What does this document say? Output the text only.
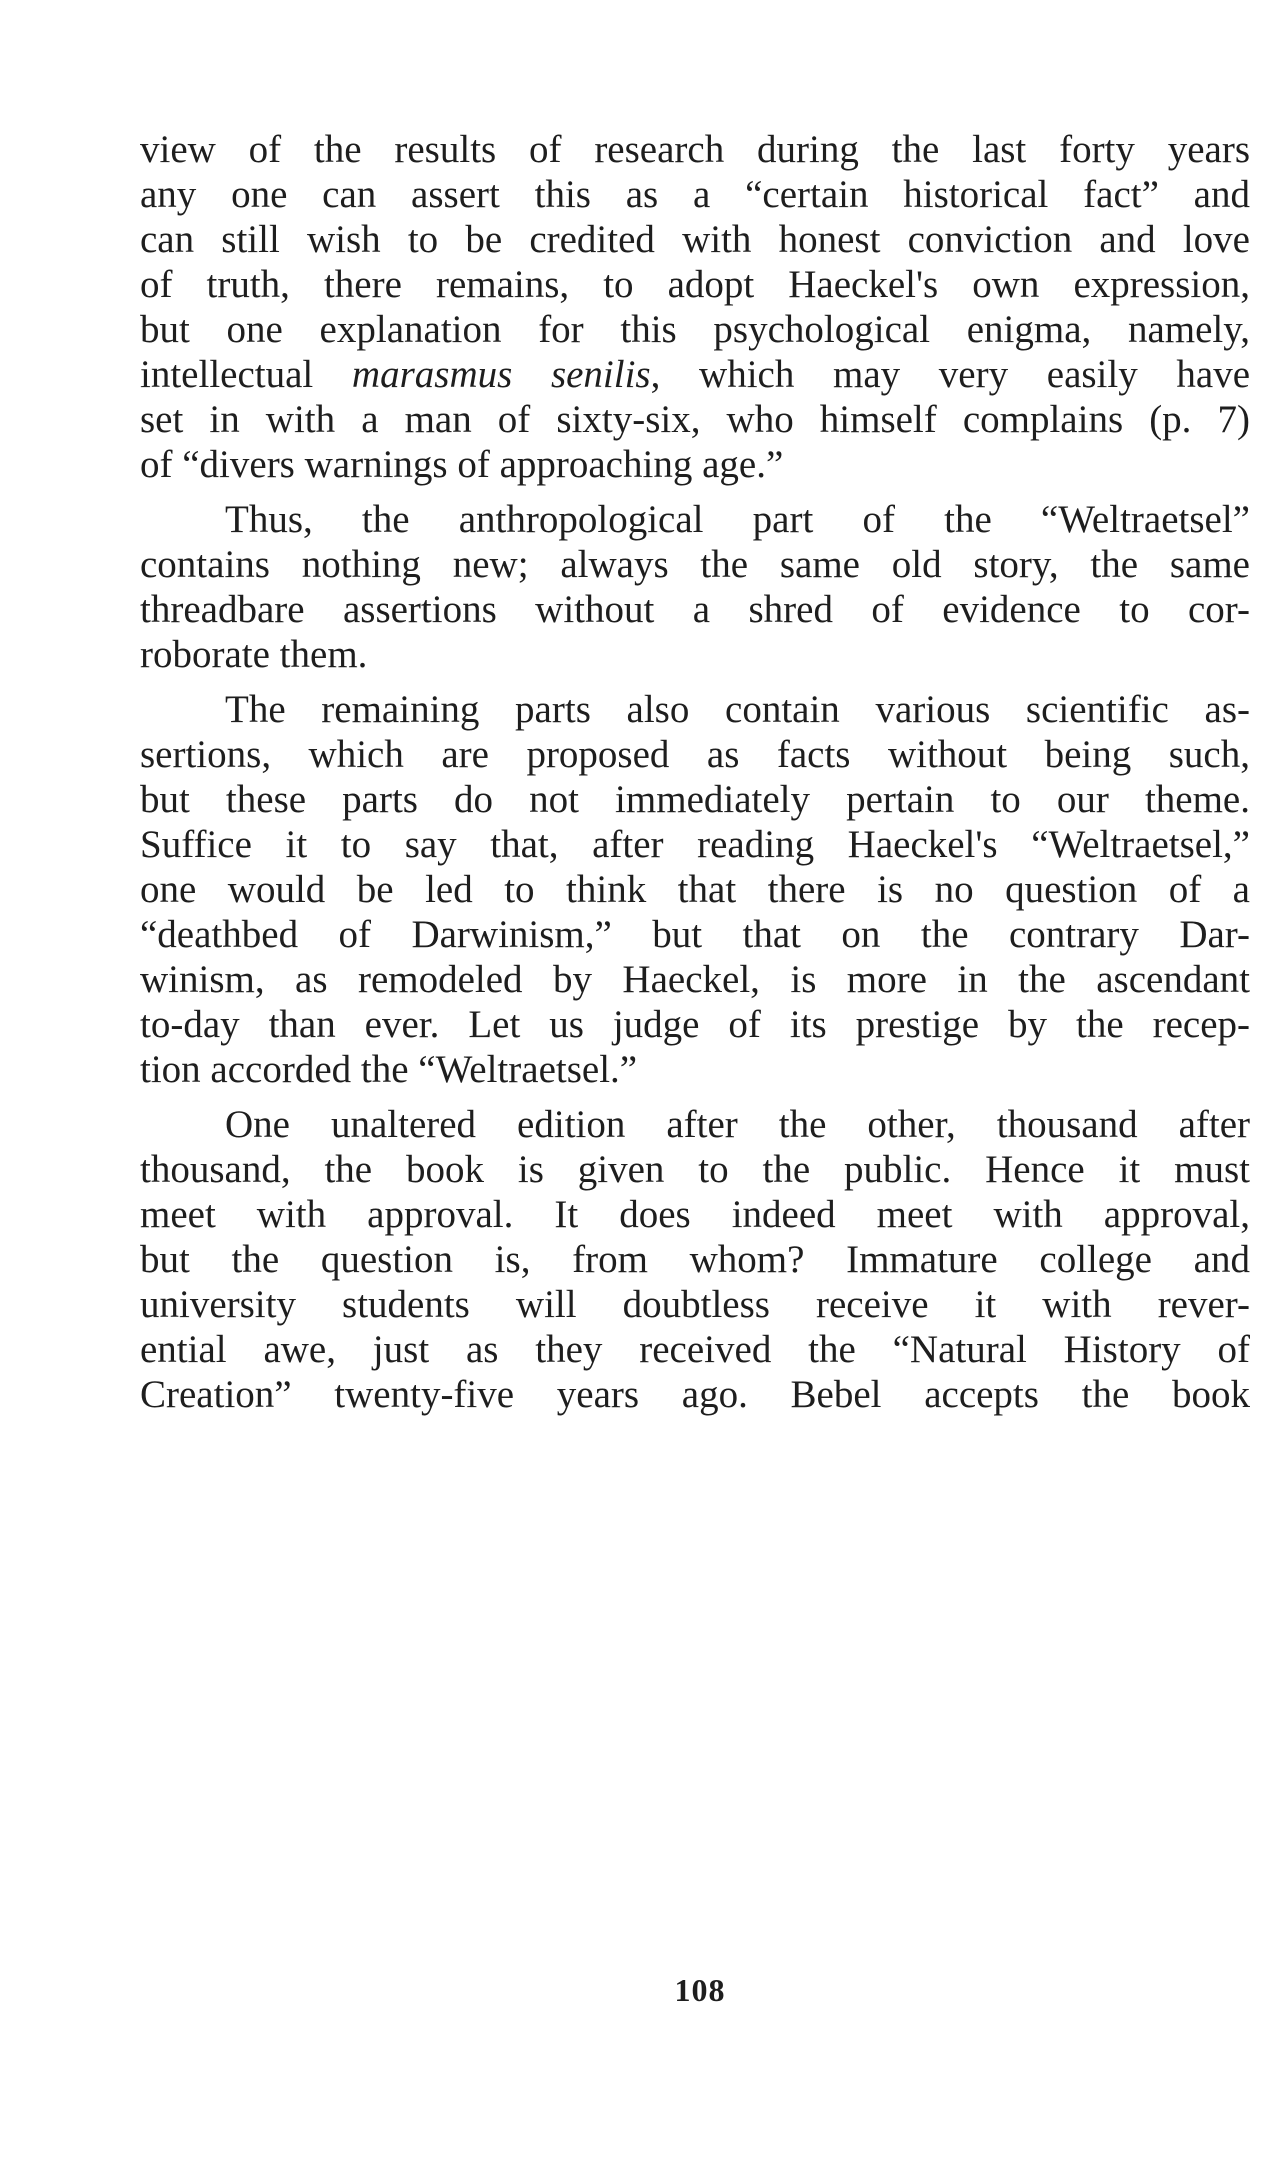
view of the results of research during the last forty years
any one can assert this as a “certain historical fact” and
can still wish to be credited with honest conviction and love
of truth, there remains, to adopt Haeckel's own expression,
but one explanation for this psychological enigma, namely,
intellectual marasmus senilis, which may very easily have
set in with a man of sixty-six, who himself complains (p. 7)
of “divers warnings of approaching age.”
Thus, the anthropological part of the “Weltraetsel”
contains nothing new; always the same old story, the same
threadbare assertions without a shred of evidence to cor-
roborate them.
The remaining parts also contain various scientific as-
sertions, which are proposed as facts without being such,
but these parts do not immediately pertain to our theme.
Suffice it to say that, after reading Haeckel's “Weltraetsel,”
one would be led to think that there is no question of a
“deathbed of Darwinism,” but that on the contrary Dar-
winism, as remodeled by Haeckel, is more in the ascendant
to-day than ever. Let us judge of its prestige by the recep-
tion accorded the “Weltraetsel.”
One unaltered edition after the other, thousand after
thousand, the book is given to the public. Hence it must
meet with approval. It does indeed meet with approval,
but the question is, from whom? Immature college and
university students will doubtless receive it with rever-
ential awe, just as they received the “Natural History of
Creation” twenty-five years ago. Bebel accepts the book
108
